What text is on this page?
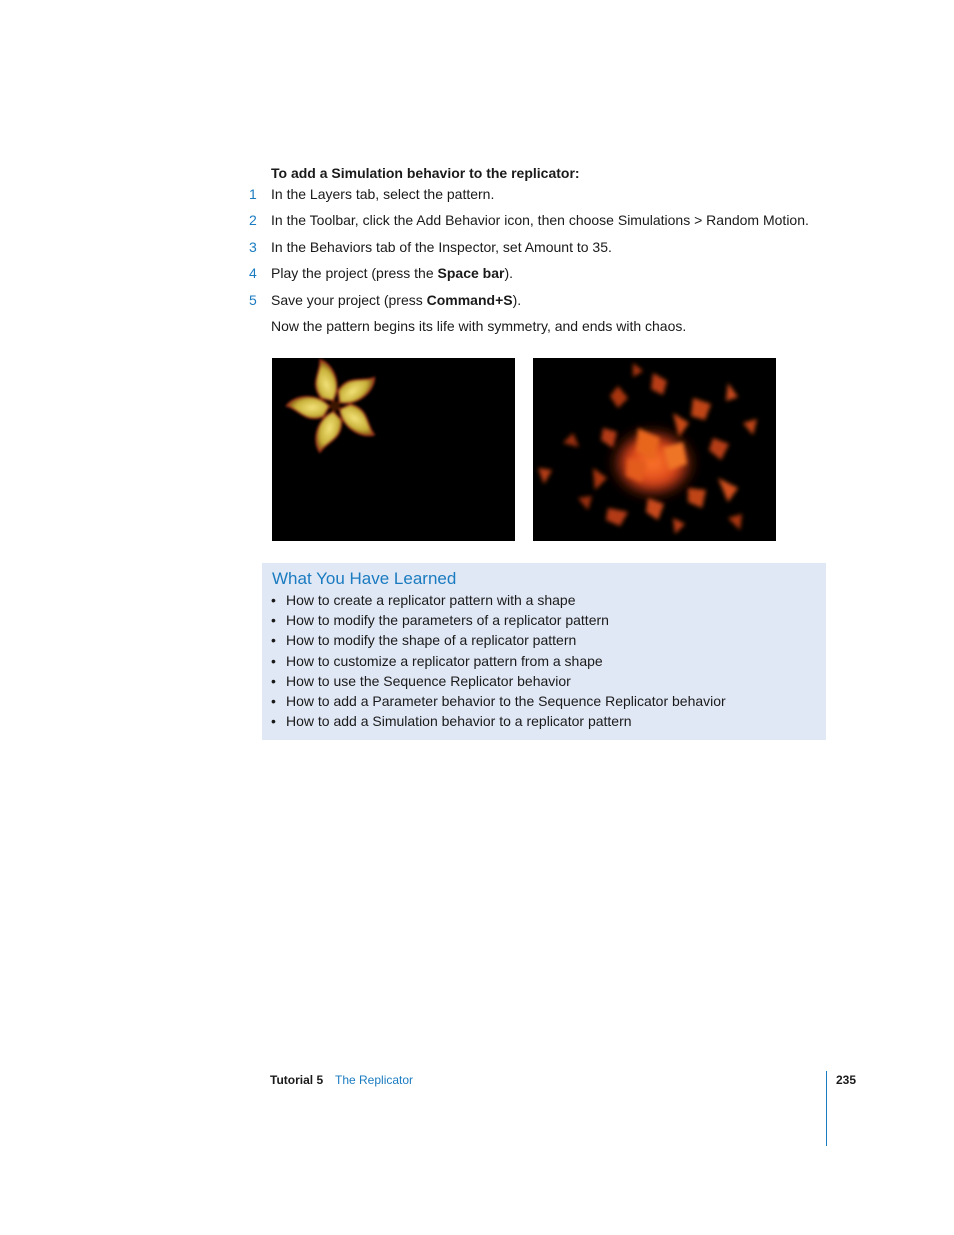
To add a Simulation behavior to the replicator:
1	In the Layers tab, select the pattern.
2	In the Toolbar, click the Add Behavior icon, then choose Simulations > Random Motion.
3	In the Behaviors tab of the Inspector, set Amount to 35.
4	Play the project (press the Space bar).
5	Save your project (press Command+S).
Now the pattern begins its life with symmetry, and ends with chaos.
What You Have Learned
• How to create a replicator pattern with a shape
• How to modify the parameters of a replicator pattern
• How to modify the shape of a replicator pattern
• How to customize a replicator pattern from a shape
• How to use the Sequence Replicator behavior
• How to add a Parameter behavior to the Sequence Replicator behavior
• How to add a Simulation behavior to a replicator pattern
Tutorial 5 The Replicator	235
